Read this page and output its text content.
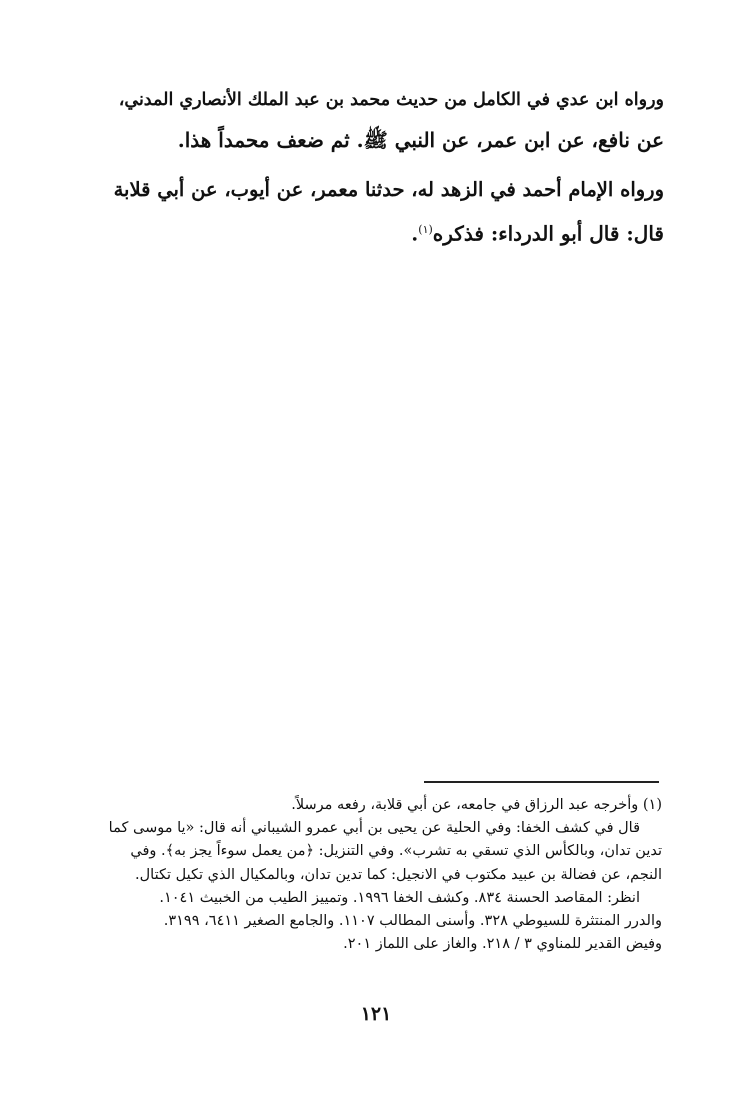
ورواه ابن عدي في الكامل من حديث محمد بن عبد الملك الأنصاري المدني،
عن نافع، عن ابن عمر، عن النبي ﷺ. ثم ضعف محمداً هذا.

ورواه الإمام أحمد في الزهد له، حدثنا معمر، عن أيوب، عن أبي قلابة
قال: قال أبو الدرداء: فذكره$^{(١)}$.

(١) وأخرجه عبد الرزاق في جامعه، عن أبي قلابة، رفعه مرسلاً.
قال في كشف الخفا: وفي الحلية عن يحيى بن أبي عمرو الشيباني أنه قال: «يا موسى كما
تدين تدان، وبالكأس الذي تسقي به تشرب». وفي التنزيل: ﴿من يعمل سوءاً يجز به﴾. وفي
النجم، عن فضالة بن عبيد مكتوب في الانجيل: كما تدين تدان، وبالمكيال الذي تكيل تكتال.
انظر: المقاصد الحسنة ٨٣٤. وكشف الخفا ١٩٩٦. وتمييز الطيب من الخبيث ١٠٤١.
والدرر المنتثرة للسيوطي ٣٢٨. وأسنى المطالب ١١٠٧. والجامع الصغير ٦٤١١، ٣١٩٩.
وفيض القدير للمناوي ٣ / ٢١٨. والغاز على اللماز ٢٠١.
١٢١
